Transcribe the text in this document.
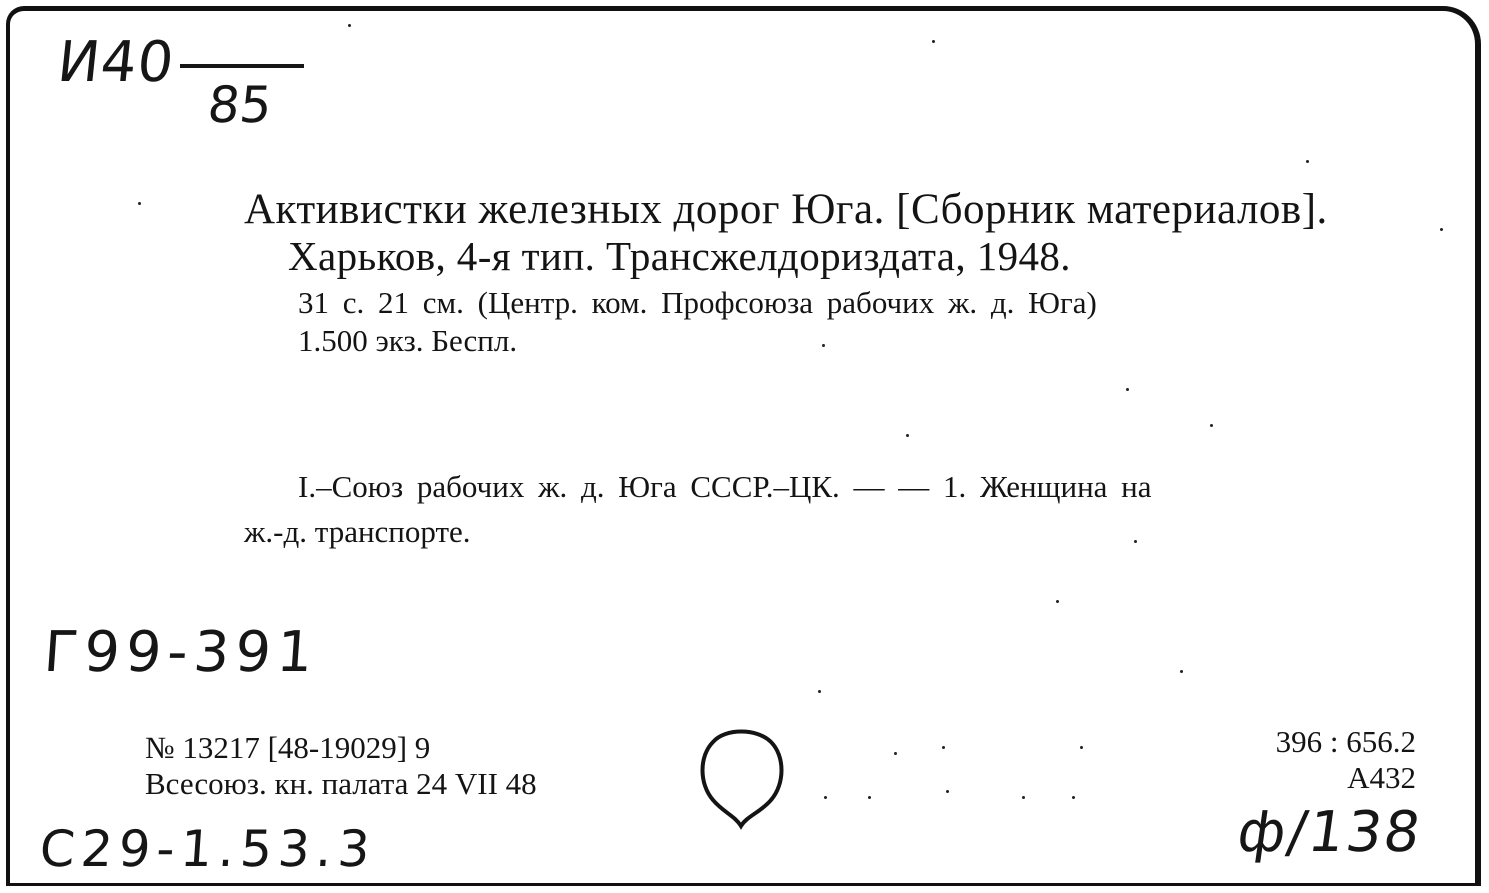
И40
85
Активистки железных дорог Юга. [Сборник материалов].
Харьков, 4-я тип. Трансжелдориздата, 1948.
31 с. 21 см. (Центр. ком. Профсоюза рабочих ж. д. Юга)
1.500 экз. Беспл.
I.–Союз рабочих ж. д. Юга СССР.–ЦК. — — 1. Женщина на
ж.-д. транспорте.
Г99-391
№ 13217 [48-19029] 9
Всесоюз. кн. палата 24 VII 48
396 : 656.2
А432
С29-1.53.3	ф/138
